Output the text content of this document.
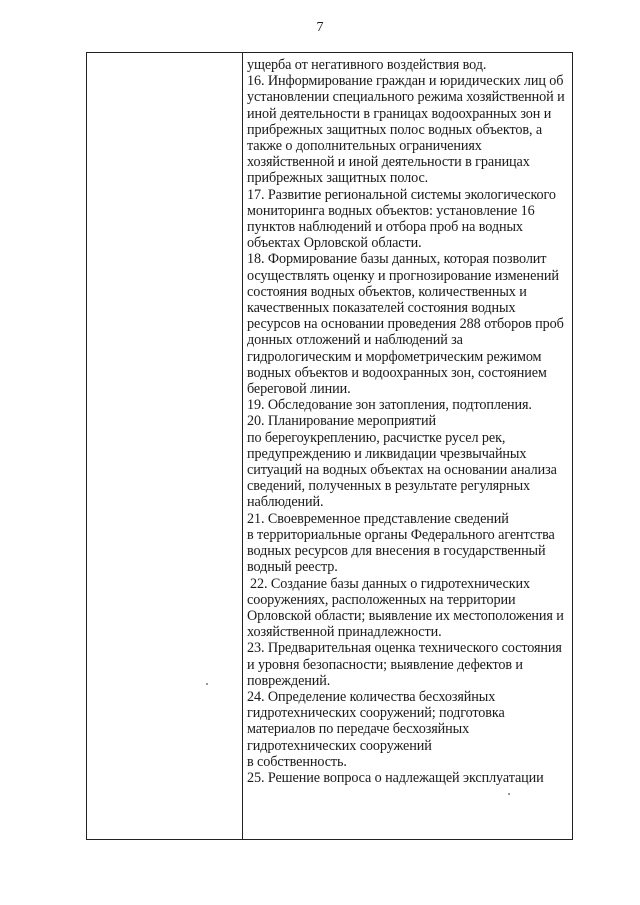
7

ущерба от негативного воздействия вод.
16. Информирование граждан и юридических лиц об
установлении специального режима хозяйственной и
иной деятельности в границах водоохранных зон и
прибрежных защитных полос водных объектов, а
также о дополнительных ограничениях
хозяйственной и иной деятельности в границах
прибрежных защитных полос.
17. Развитие региональной системы экологического
мониторинга водных объектов: установление 16
пунктов наблюдений и отбора проб на водных
объектах Орловской области.
18. Формирование базы данных, которая позволит
осуществлять оценку и прогнозирование изменений
состояния водных объектов, количественных и
качественных показателей состояния водных
ресурсов на основании проведения 288 отборов проб
донных отложений и наблюдений за
гидрологическим и морфометрическим режимом
водных объектов и водоохранных зон, состоянием
береговой линии.
19. Обследование зон затопления, подтопления.
20. Планирование мероприятий
по берегоукреплению, расчистке русел рек,
предупреждению и ликвидации чрезвычайных
ситуаций на водных объектах на основании анализа
сведений, полученных в результате регулярных
наблюдений.
21. Своевременное представление сведений
в территориальные органы Федерального агентства
водных ресурсов для внесения в государственный
водный реестр.
22. Создание базы данных о гидротехнических
сооружениях, расположенных на территории
Орловской области; выявление их местоположения и
хозяйственной принадлежности.
23. Предварительная оценка технического состояния
и уровня безопасности; выявление дефектов и
повреждений.
24. Определение количества бесхозяйных
гидротехнических сооружений; подготовка
материалов по передаче бесхозяйных
гидротехнических сооружений
в собственность.
25. Решение вопроса о надлежащей эксплуатации
